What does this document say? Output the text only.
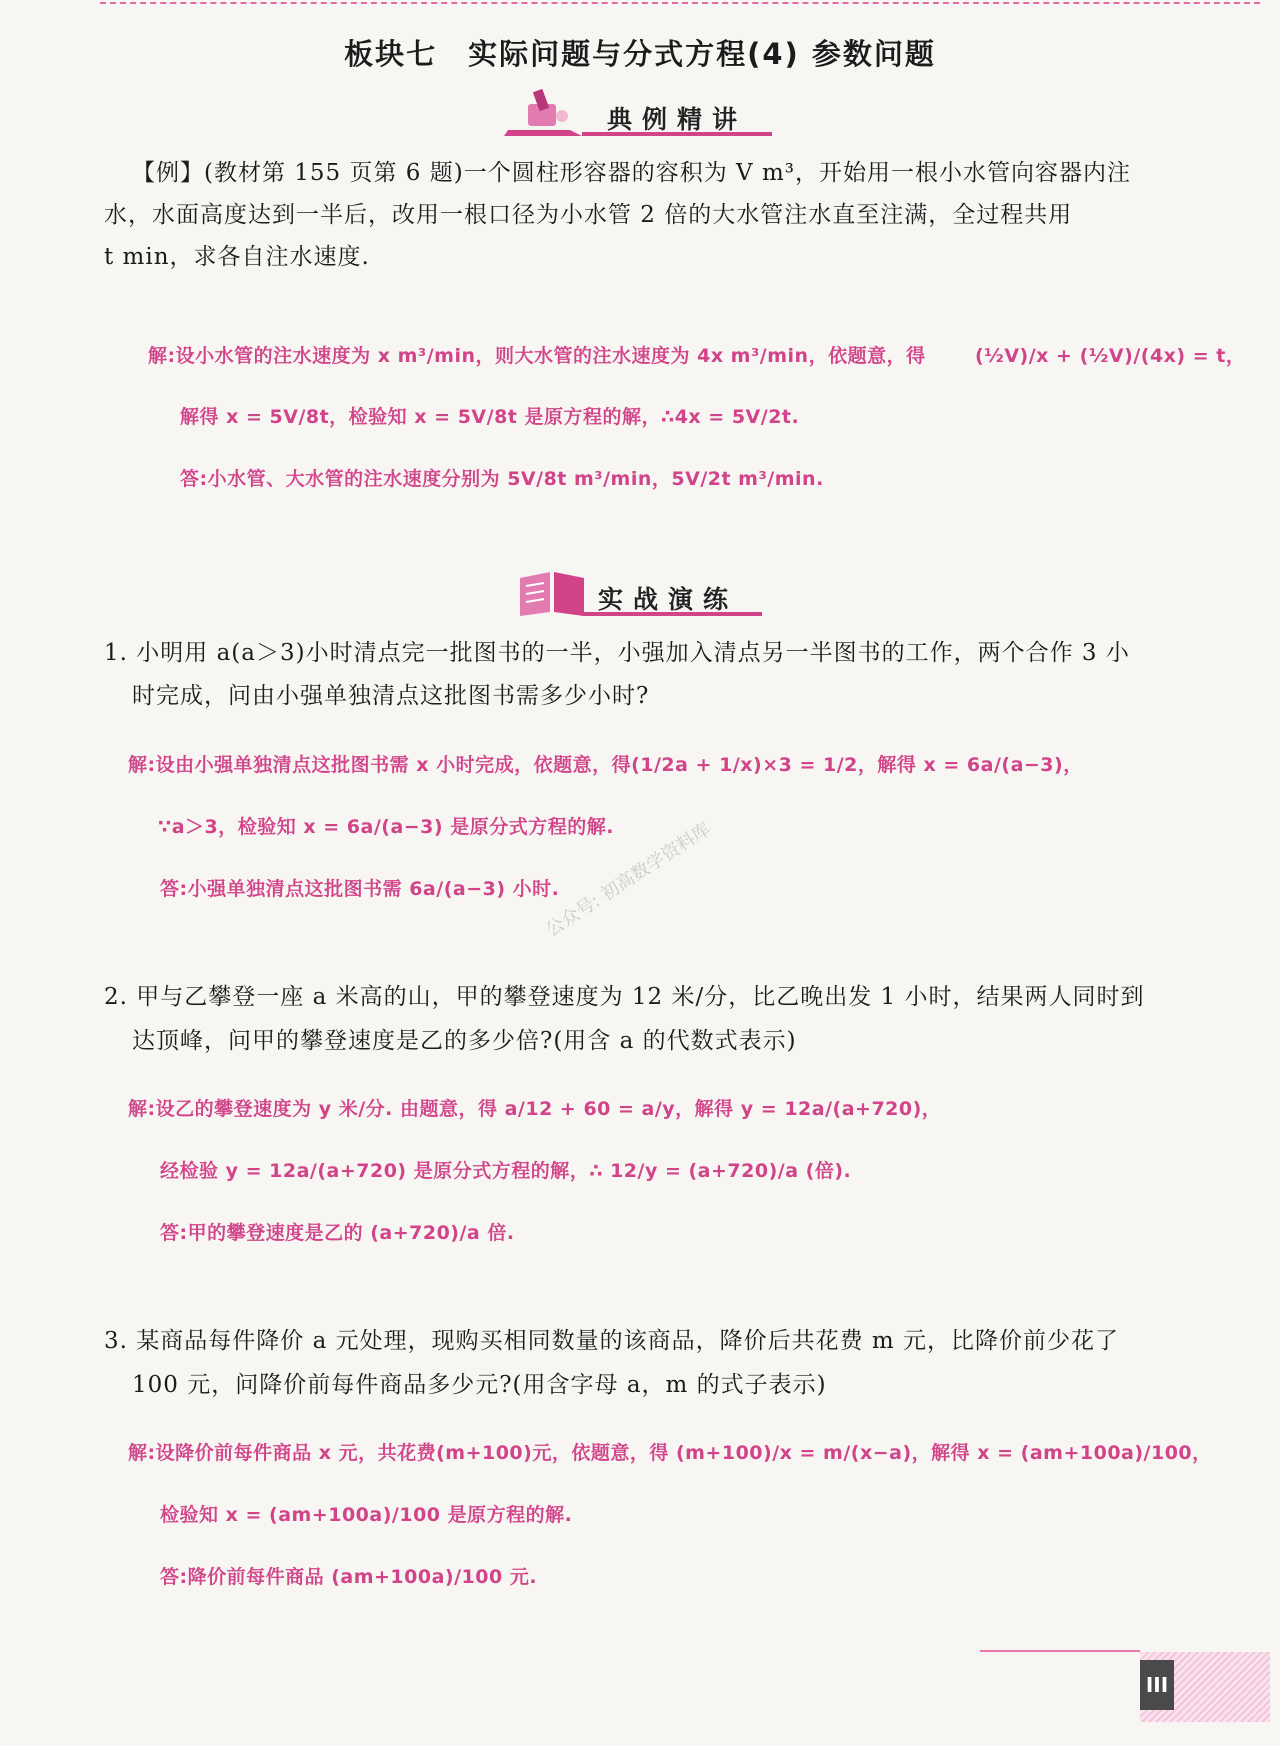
板块七　实际问题与分式方程(4) 参数问题
典例精讲
【例】(教材第 155 页第 6 题)一个圆柱形容器的容积为 V m³，开始用一根小水管向容器内注
水，水面高度达到一半后，改用一根口径为小水管 2 倍的大水管注水直至注满，全过程共用
t min，求各自注水速度.
解:设小水管的注水速度为 x m³/min，则大水管的注水速度为 4x m³/min，依题意，得	(½V)/x + (½V)/(4x) = t，
解得 x = 5V/8t，检验知 x = 5V/8t 是原方程的解，∴4x = 5V/2t.
答:小水管、大水管的注水速度分别为 5V/8t m³/min，5V/2t m³/min.
实战演练
1. 小明用 a(a＞3)小时清点完一批图书的一半，小强加入清点另一半图书的工作，两个合作 3 小
时完成，问由小强单独清点这批图书需多少小时?
解:设由小强单独清点这批图书需 x 小时完成，依题意，得(1/2a + 1/x)×3 = 1/2，解得 x = 6a/(a−3)，
∵a＞3，检验知 x = 6a/(a−3) 是原分式方程的解.
答:小强单独清点这批图书需 6a/(a−3) 小时.
公众号: 初高数学资料库
2. 甲与乙攀登一座 a 米高的山，甲的攀登速度为 12 米/分，比乙晚出发 1 小时，结果两人同时到
达顶峰，问甲的攀登速度是乙的多少倍?(用含 a 的代数式表示)
解:设乙的攀登速度为 y 米/分. 由题意，得 a/12 + 60 = a/y，解得 y = 12a/(a+720)，
经检验 y = 12a/(a+720) 是原分式方程的解，∴ 12/y = (a+720)/a (倍).
答:甲的攀登速度是乙的 (a+720)/a 倍.
3. 某商品每件降价 a 元处理，现购买相同数量的该商品，降价后共花费 m 元，比降价前少花了
100 元，问降价前每件商品多少元?(用含字母 a，m 的式子表示)
解:设降价前每件商品 x 元，共花费(m+100)元，依题意，得 (m+100)/x = m/(x−a)，解得 x = (am+100a)/100，
检验知 x = (am+100a)/100 是原方程的解.
答:降价前每件商品 (am+100a)/100 元.
III
